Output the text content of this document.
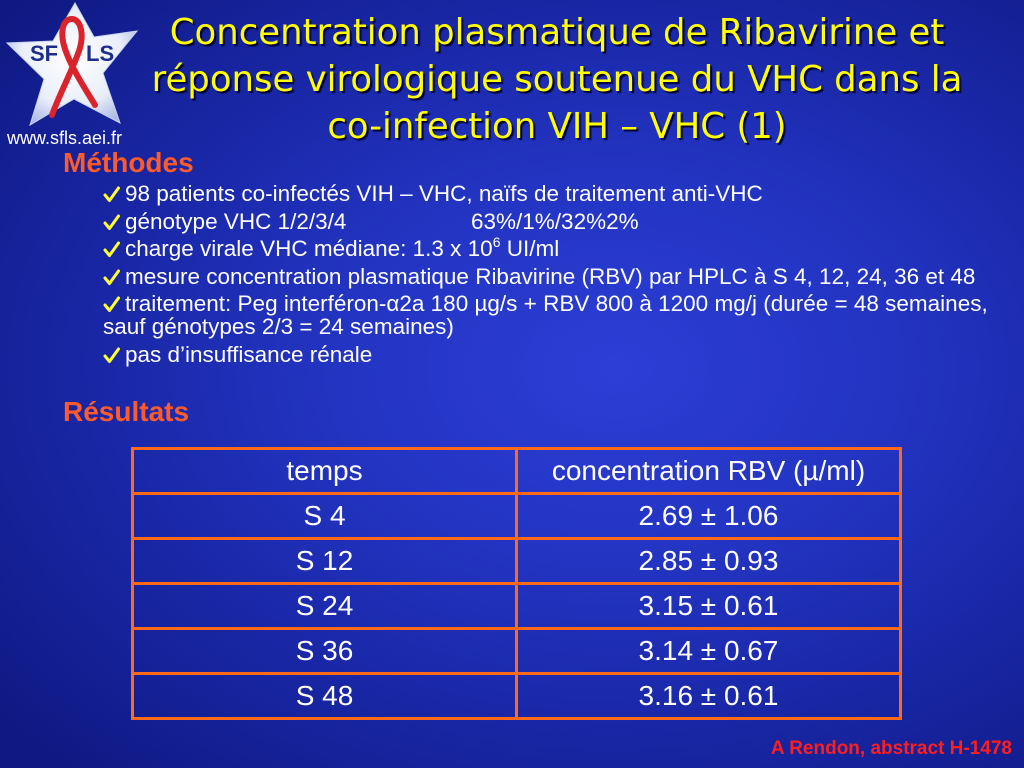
SF LS
www.sfls.aei.fr
Concentration plasmatique de Ribavirine et
réponse virologique soutenue du VHC dans la
co-infection VIH – VHC (1)
Méthodes

98 patients co-infectés VIH – VHC, naïfs de traitement anti-VHC

génotype VHC 1/2/3/4	63%/1%/32%2%

charge virale VHC médiane: 1.3 x $10^6$ UI/ml

mesure concentration plasmatique Ribavirine (RBV) par HPLC à S 4, 12, 24, 36 et 48

traitement: Peg interféron-α2a 180 µg/s + RBV 800 à 1200 mg/j (durée = 48 semaines, sauf génotypes 2/3 = 24 semaines)

pas d’insuffisance rénale

Résultats
temps	concentration RBV (µ/ml)
S 4	2.69 ± 1.06
S 12	2.85 ± 0.93
S 24	3.15 ± 0.61
S 36	3.14 ± 0.67
S 48	3.16 ± 0.61
A Rendon, abstract H-1478
